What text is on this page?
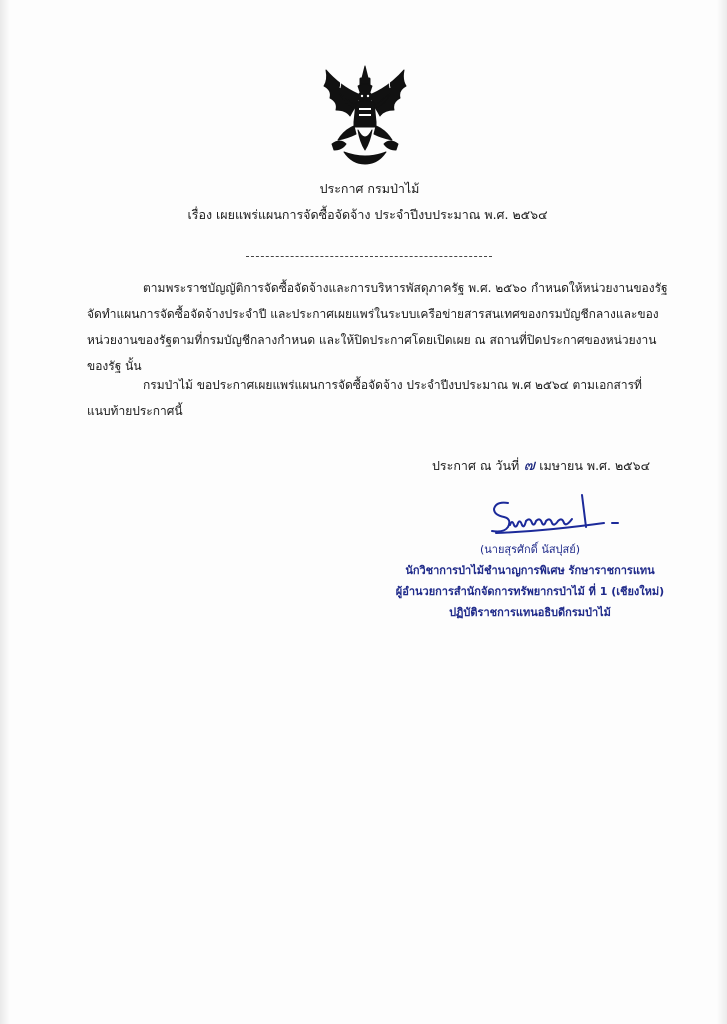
ประกาศ กรมป่าไม้
เรื่อง เผยแพร่แผนการจัดซื้อจัดจ้าง ประจำปีงบประมาณ พ.ศ. ๒๕๖๔
ตามพระราชบัญญัติการจัดซื้อจัดจ้างและการบริหารพัสดุภาครัฐ พ.ศ. ๒๕๖๐ กำหนดให้หน่วยงานของรัฐ
จัดทำแผนการจัดซื้อจัดจ้างประจำปี และประกาศเผยแพร่ในระบบเครือข่ายสารสนเทศของกรมบัญชีกลางและของ
หน่วยงานของรัฐตามที่กรมบัญชีกลางกำหนด และให้ปิดประกาศโดยเปิดเผย ณ สถานที่ปิดประกาศของหน่วยงาน
ของรัฐ นั้น
กรมป่าไม้ ขอประกาศเผยแพร่แผนการจัดซื้อจัดจ้าง ประจำปีงบประมาณ พ.ศ ๒๕๖๔ ตามเอกสารที่
แนบท้ายประกาศนี้
ประกาศ ณ วันที่ ๗ เมษายน พ.ศ. ๒๕๖๔
(นายสุรศักดิ์ นัสปุสย์)
นักวิชาการป่าไม้ชำนาญการพิเศษ รักษาราชการแทน
ผู้อำนวยการสำนักจัดการทรัพยากรป่าไม้ ที่ 1 (เชียงใหม่)
ปฏิบัติราชการแทนอธิบดีกรมป่าไม้
